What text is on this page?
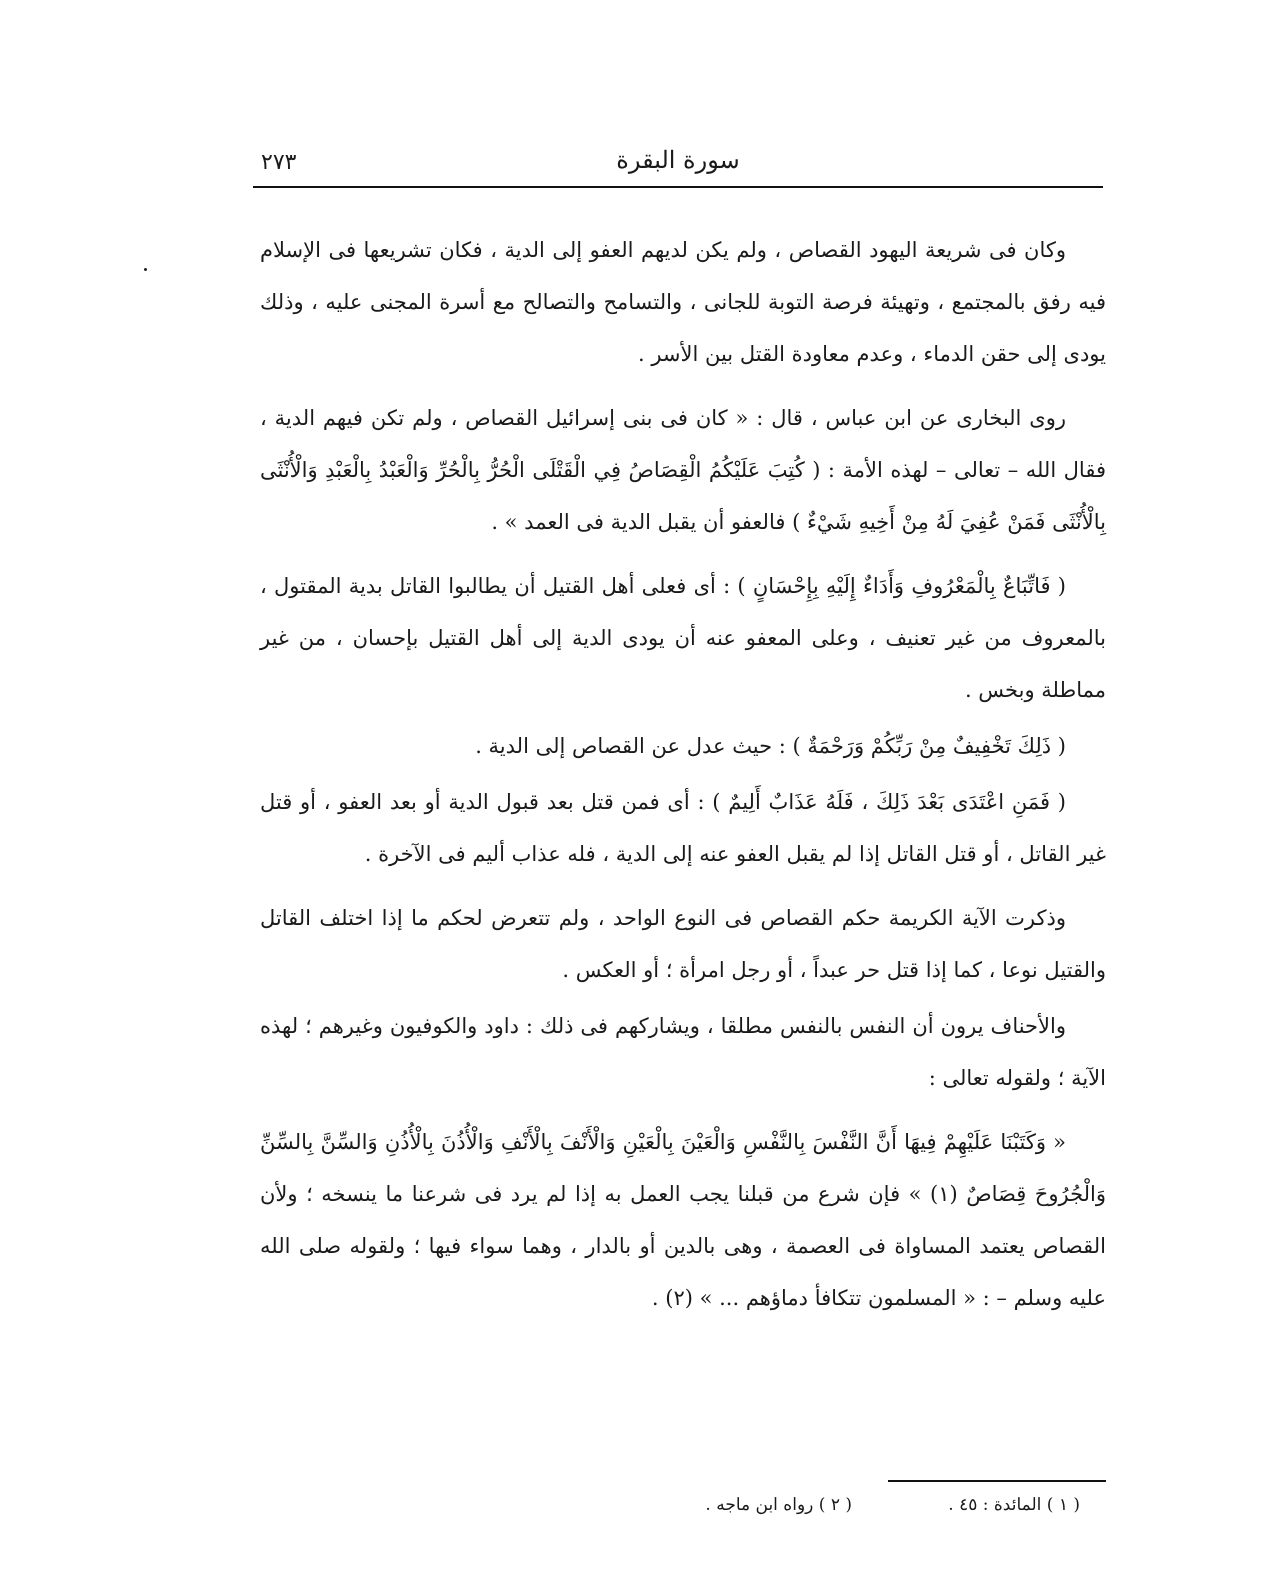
سورة البقرة
٢٧٣

وكان فى شريعة اليهود القصاص ، ولم يكن لديهم العفو إلى الدية ، فكان تشريعها فى الإسلام فيه رفق بالمجتمع ، وتهيئة فرصة التوبة للجانى ، والتسامح والتصالح مع أسرة المجنى عليه ، وذلك يودى إلى حقن الدماء ، وعدم معاودة القتل بين الأسر .

روى البخارى عن ابن عباس ، قال : « كان فى بنى إسرائيل القصاص ، ولم تكن فيهم الدية ، فقال الله – تعالى – لهذه الأمة : ( كُتِبَ عَلَيْكُمُ الْقِصَاصُ فِي الْقَتْلَى الْحُرُّ بِالْحُرِّ وَالْعَبْدُ بِالْعَبْدِ وَالْأُنْثَى بِالْأُنْثَى فَمَنْ عُفِيَ لَهُ مِنْ أَخِيهِ شَيْءٌ ) فالعفو أن يقبل الدية فى العمد » .

( فَاتِّبَاعٌ بِالْمَعْرُوفِ وَأَدَاءٌ إِلَيْهِ بِإِحْسَانٍ ) : أى فعلى أهل القتيل أن يطالبوا القاتل بدية المقتول ، بالمعروف من غير تعنيف ، وعلى المعفو عنه أن يودى الدية إلى أهل القتيل بإحسان ، من غير مماطلة وبخس .

( ذَلِكَ تَخْفِيفٌ مِنْ رَبِّكُمْ وَرَحْمَةٌ ) : حيث عدل عن القصاص إلى الدية .

( فَمَنِ اعْتَدَى بَعْدَ ذَلِكَ ، فَلَهُ عَذَابٌ أَلِيمٌ ) : أى فمن قتل بعد قبول الدية أو بعد العفو ، أو قتل غير القاتل ، أو قتل القاتل إذا لم يقبل العفو عنه إلى الدية ، فله عذاب أليم فى الآخرة .

وذكرت الآية الكريمة حكم القصاص فى النوع الواحد ، ولم تتعرض لحكم ما إذا اختلف القاتل والقتيل نوعا ، كما إذا قتل حر عبداً ، أو رجل امرأة ؛ أو العكس .

والأحناف يرون أن النفس بالنفس مطلقا ، ويشاركهم فى ذلك : داود والكوفيون وغيرهم ؛ لهذه الآية ؛ ولقوله تعالى :

« وَكَتَبْنَا عَلَيْهِمْ فِيهَا أَنَّ النَّفْسَ بِالنَّفْسِ وَالْعَيْنَ بِالْعَيْنِ وَالْأَنْفَ بِالْأَنْفِ وَالْأُذُنَ بِالْأُذُنِ وَالسِّنَّ بِالسِّنِّ وَالْجُرُوحَ قِصَاصٌ (١) » فإن شرع من قبلنا يجب العمل به إذا لم يرد فى شرعنا ما ينسخه ؛ ولأن القصاص يعتمد المساواة فى العصمة ، وهى بالدين أو بالدار ، وهما سواء فيها ؛ ولقوله صلى الله عليه وسلم – : « المسلمون تتكافأ دماؤهم ... » (٢) .

( ١ ) المائدة : ٤٥ .
( ٢ ) رواه ابن ماجه .
